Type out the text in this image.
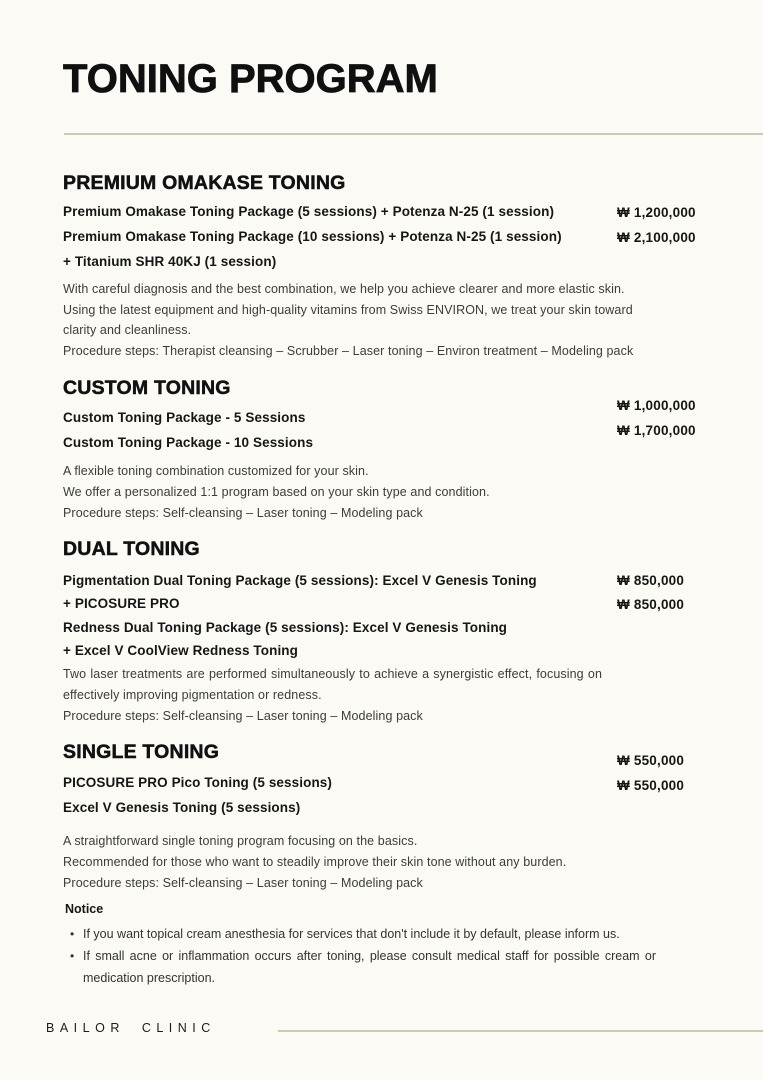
TONING PROGRAM
PREMIUM OMAKASE TONING
Premium Omakase Toning Package (5 sessions) + Potenza N-25 (1 session)
Premium Omakase Toning Package (10 sessions) + Potenza N-25 (1 session)
+ Titanium SHR 40KJ (1 session)
₩ 1,200,000
₩ 2,100,000
With careful diagnosis and the best combination, we help you achieve clearer and more elastic skin.
Using the latest equipment and high-quality vitamins from Swiss ENVIRON, we treat your skin toward
clarity and cleanliness.
Procedure steps: Therapist cleansing – Scrubber – Laser toning – Environ treatment – Modeling pack
CUSTOM TONING
Custom Toning Package - 5 Sessions
Custom Toning Package - 10 Sessions
₩ 1,000,000
₩ 1,700,000
A flexible toning combination customized for your skin.
We offer a personalized 1:1 program based on your skin type and condition.
Procedure steps: Self-cleansing – Laser toning – Modeling pack
DUAL TONING
Pigmentation Dual Toning Package (5 sessions): Excel V Genesis Toning
+ PICOSURE PRO
Redness Dual Toning Package (5 sessions): Excel V Genesis Toning
+ Excel V CoolView Redness Toning
₩ 850,000
₩ 850,000
Two laser treatments are performed simultaneously to achieve a synergistic effect, focusing on
effectively improving pigmentation or redness.
Procedure steps: Self-cleansing – Laser toning – Modeling pack
SINGLE TONING
PICOSURE PRO Pico Toning (5 sessions)
Excel V Genesis Toning (5 sessions)
₩ 550,000
₩ 550,000
A straightforward single toning program focusing on the basics.
Recommended for those who want to steadily improve their skin tone without any burden.
Procedure steps: Self-cleansing – Laser toning – Modeling pack
Notice
• If you want topical cream anesthesia for services that don't include it by default, please inform us.
• If small acne or inflammation occurs after toning, please consult medical staff for possible cream or
medication prescription.
BAILOR CLINIC
